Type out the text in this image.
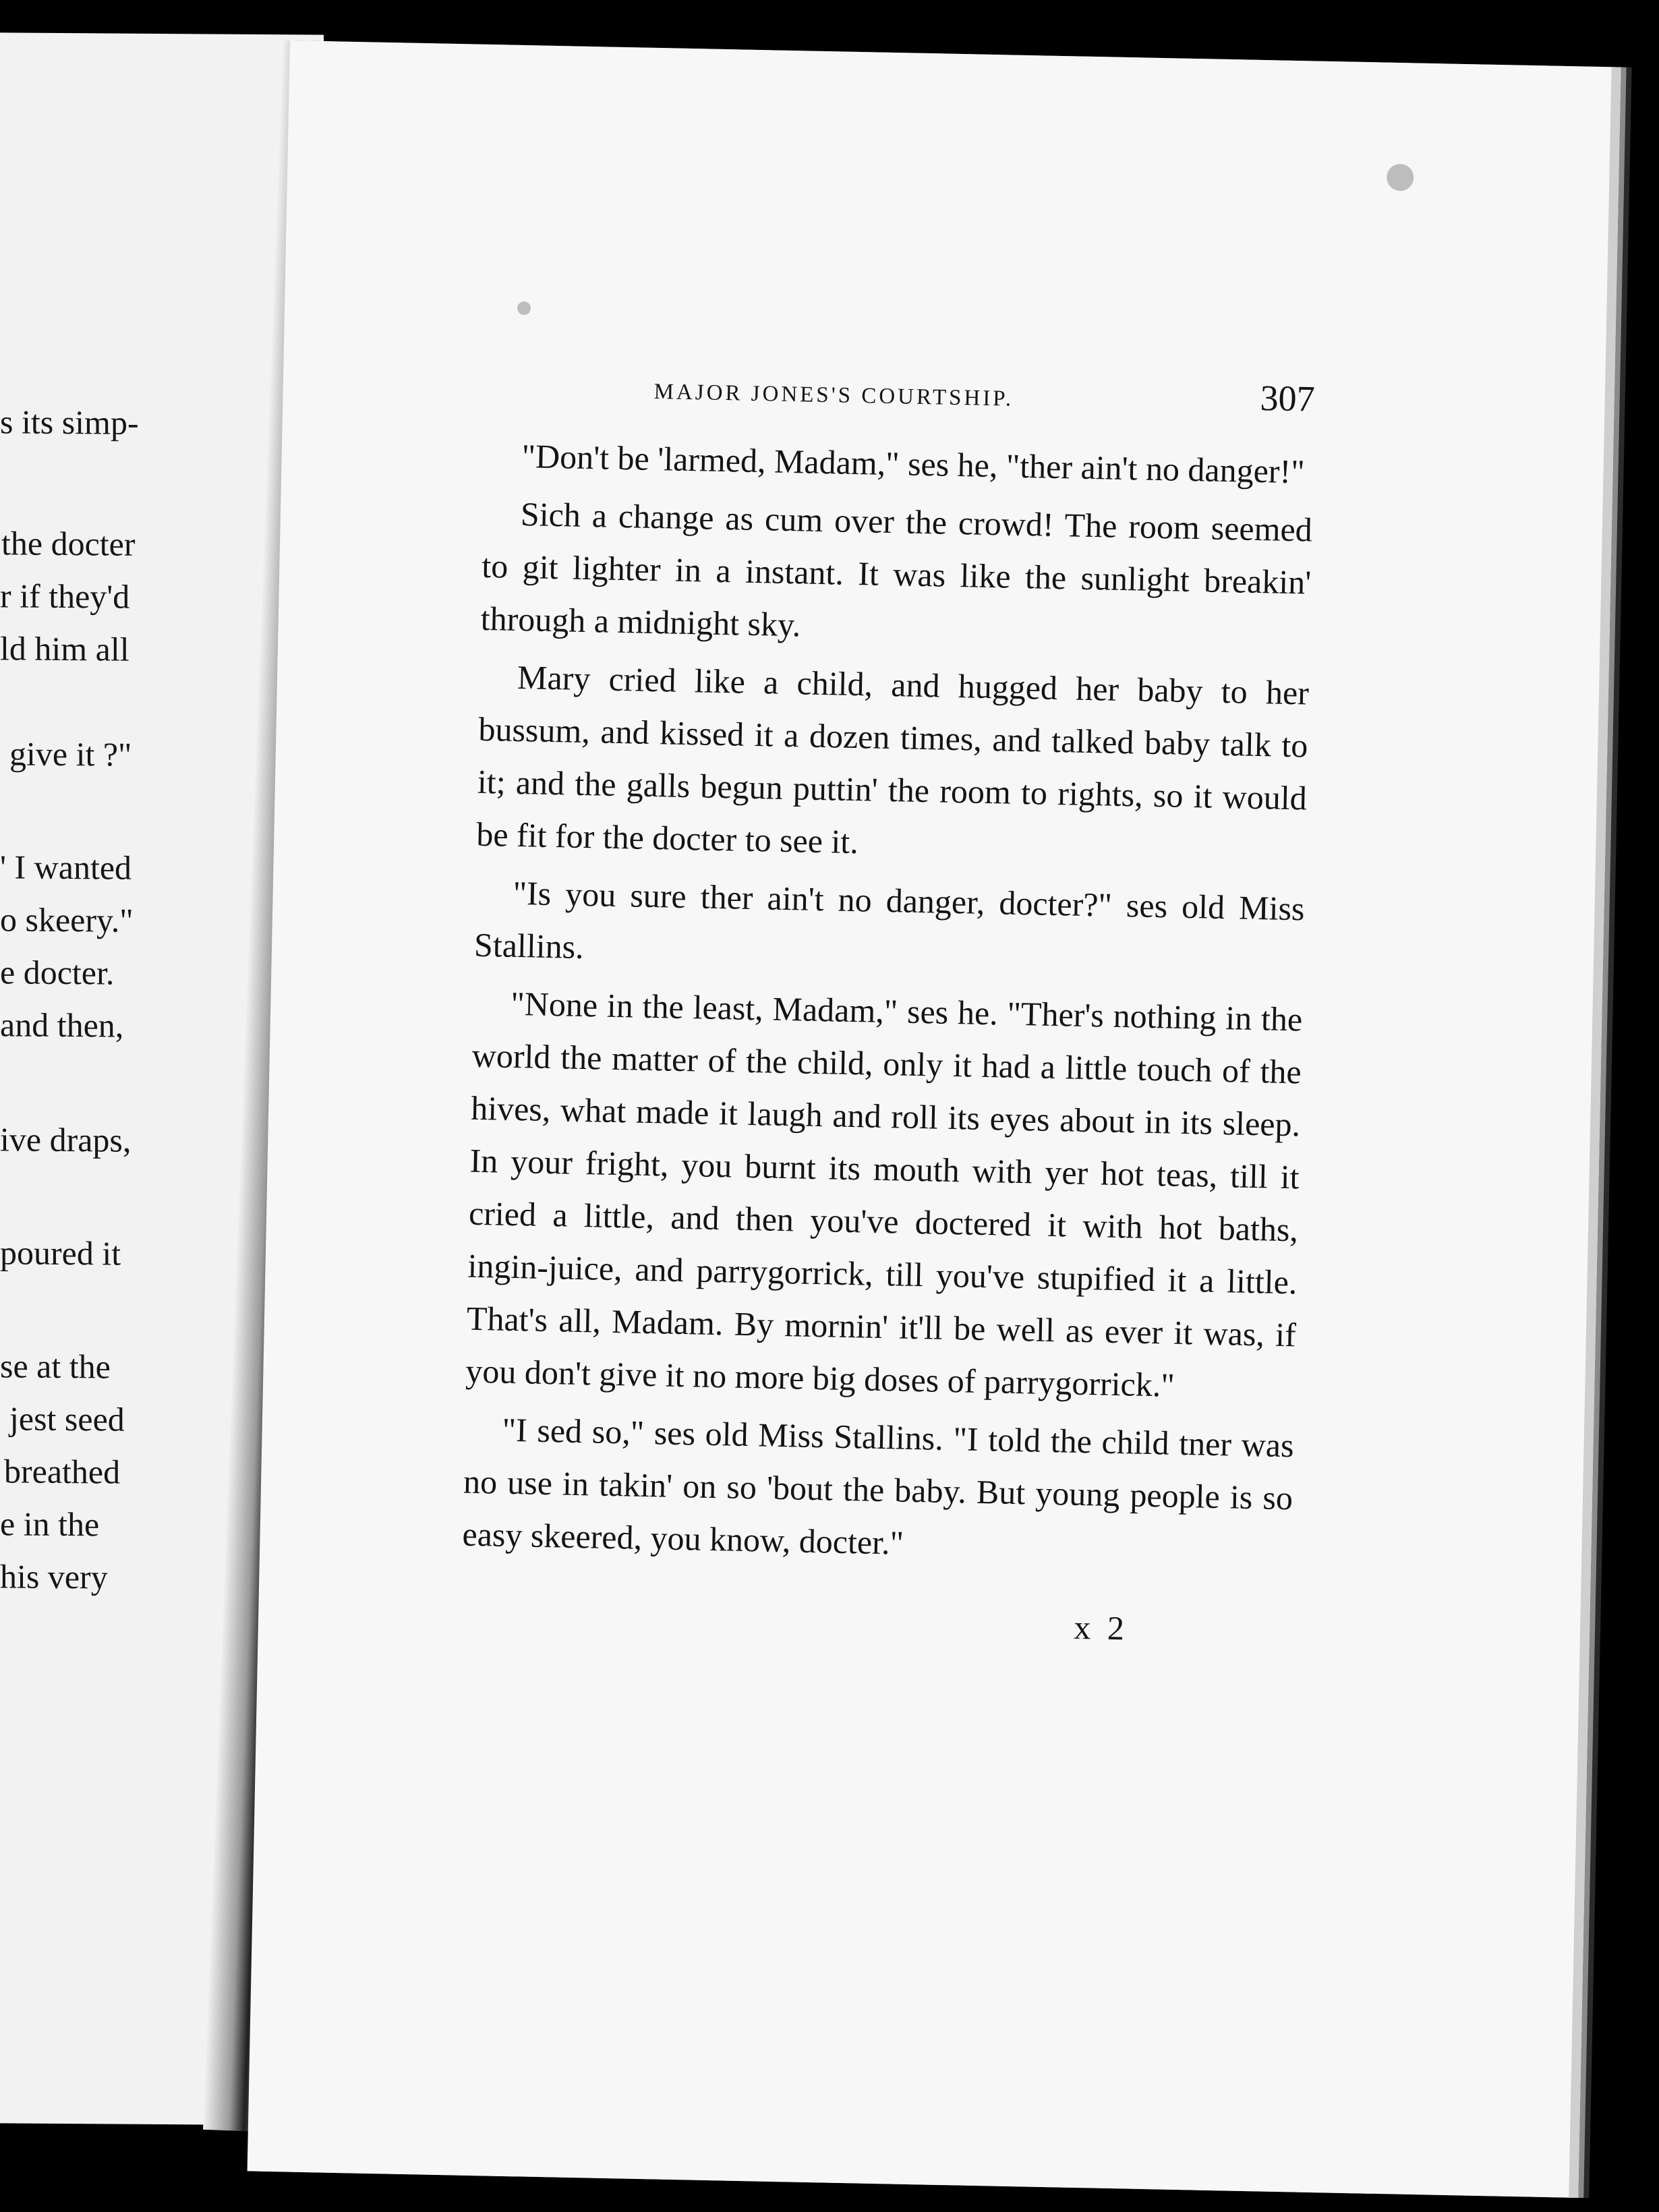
s its simp-
the docter
r if they'd
ld him all
give it ?"
' I wanted
o skeery."
e docter.
and then,
ive draps,
poured it
se at the
jest seed
breathed
e in the
his very
MAJOR JONES'S COURTSHIP.	307

"Don't be 'larmed, Madam," ses he, "ther ain't no danger!"

Sich a change as cum over the crowd! The room seemed to git lighter in a instant. It was like the sunlight breakin' through a midnight sky.

Mary cried like a child, and hugged her baby to her bussum, and kissed it a dozen times, and talked baby talk to it; and the galls begun puttin' the room to rights, so it would be fit for the docter to see it.

"Is you sure ther ain't no danger, docter?" ses old Miss Stallins.

"None in the least, Madam," ses he. "Ther's nothing in the world the matter of the child, only it had a little touch of the hives, what made it laugh and roll its eyes about in its sleep. In your fright, you burnt its mouth with yer hot teas, till it cried a little, and then you've doctered it with hot baths, ingin-juice, and parrygorrick, till you've stupified it a little. That's all, Madam. By mornin' it'll be well as ever it was, if you don't give it no more big doses of parrygorrick."

"I sed so," ses old Miss Stallins. "I told the child tner was no use in takin' on so 'bout the baby. But young people is so easy skeered, you know, docter."

x 2
